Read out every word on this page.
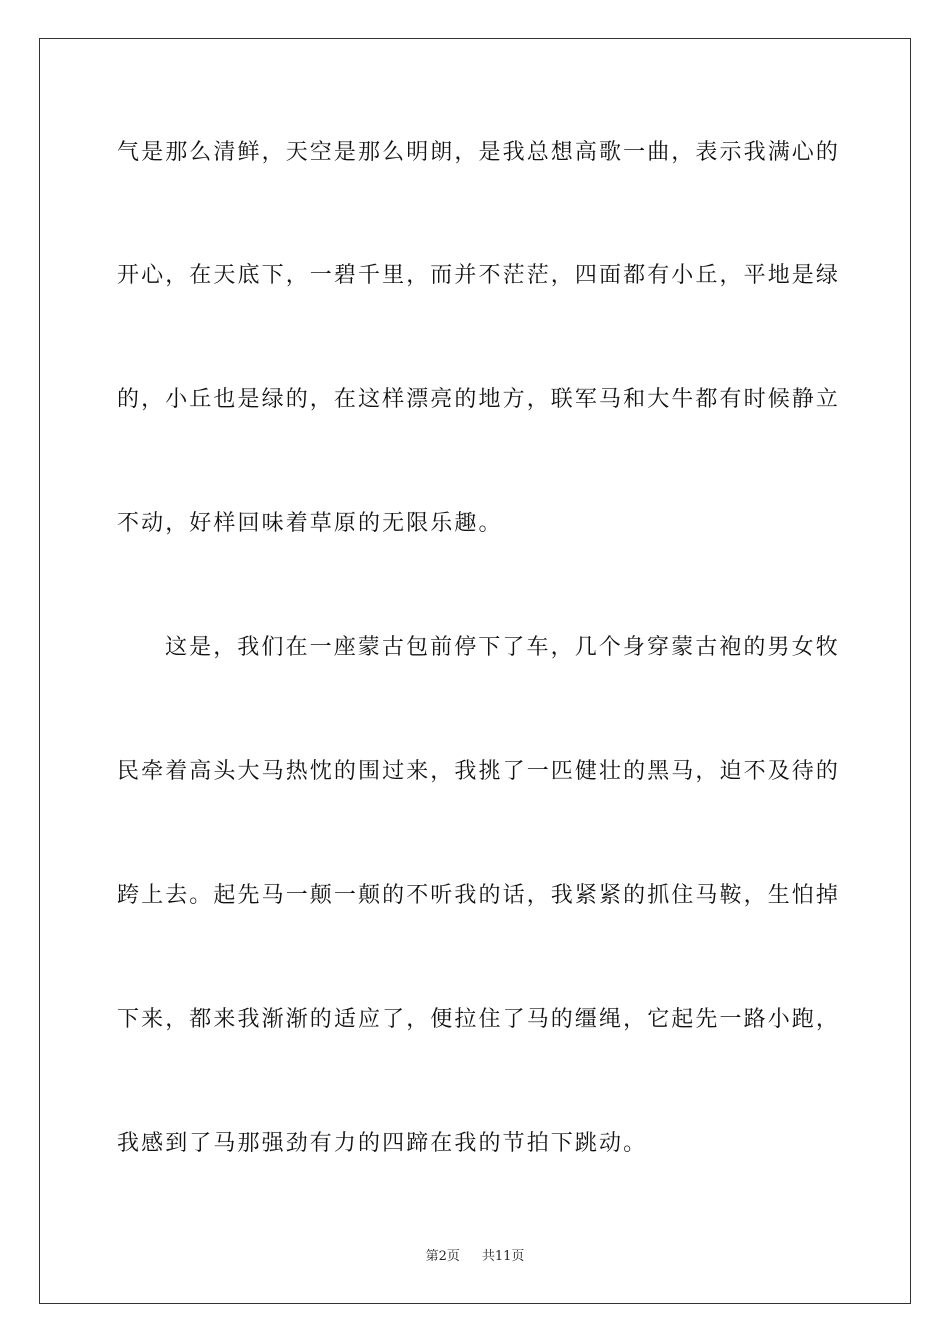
气是那么清鲜，天空是那么明朗，是我总想高歌一曲，表示我满心的
开心，在天底下，一碧千里，而并不茫茫，四面都有小丘，平地是绿
的，小丘也是绿的，在这样漂亮的地方，联军马和大牛都有时候静立
不动，好样回味着草原的无限乐趣。
这是，我们在一座蒙古包前停下了车，几个身穿蒙古袍的男女牧
民牵着高头大马热忱的围过来，我挑了一匹健壮的黑马，迫不及待的
跨上去。起先马一颠一颠的不听我的话，我紧紧的抓住马鞍，生怕掉
下来，都来我渐渐的适应了，便拉住了马的缰绳，它起先一路小跑，
我感到了马那强劲有力的四蹄在我的节拍下跳动。
第2页 共11页
